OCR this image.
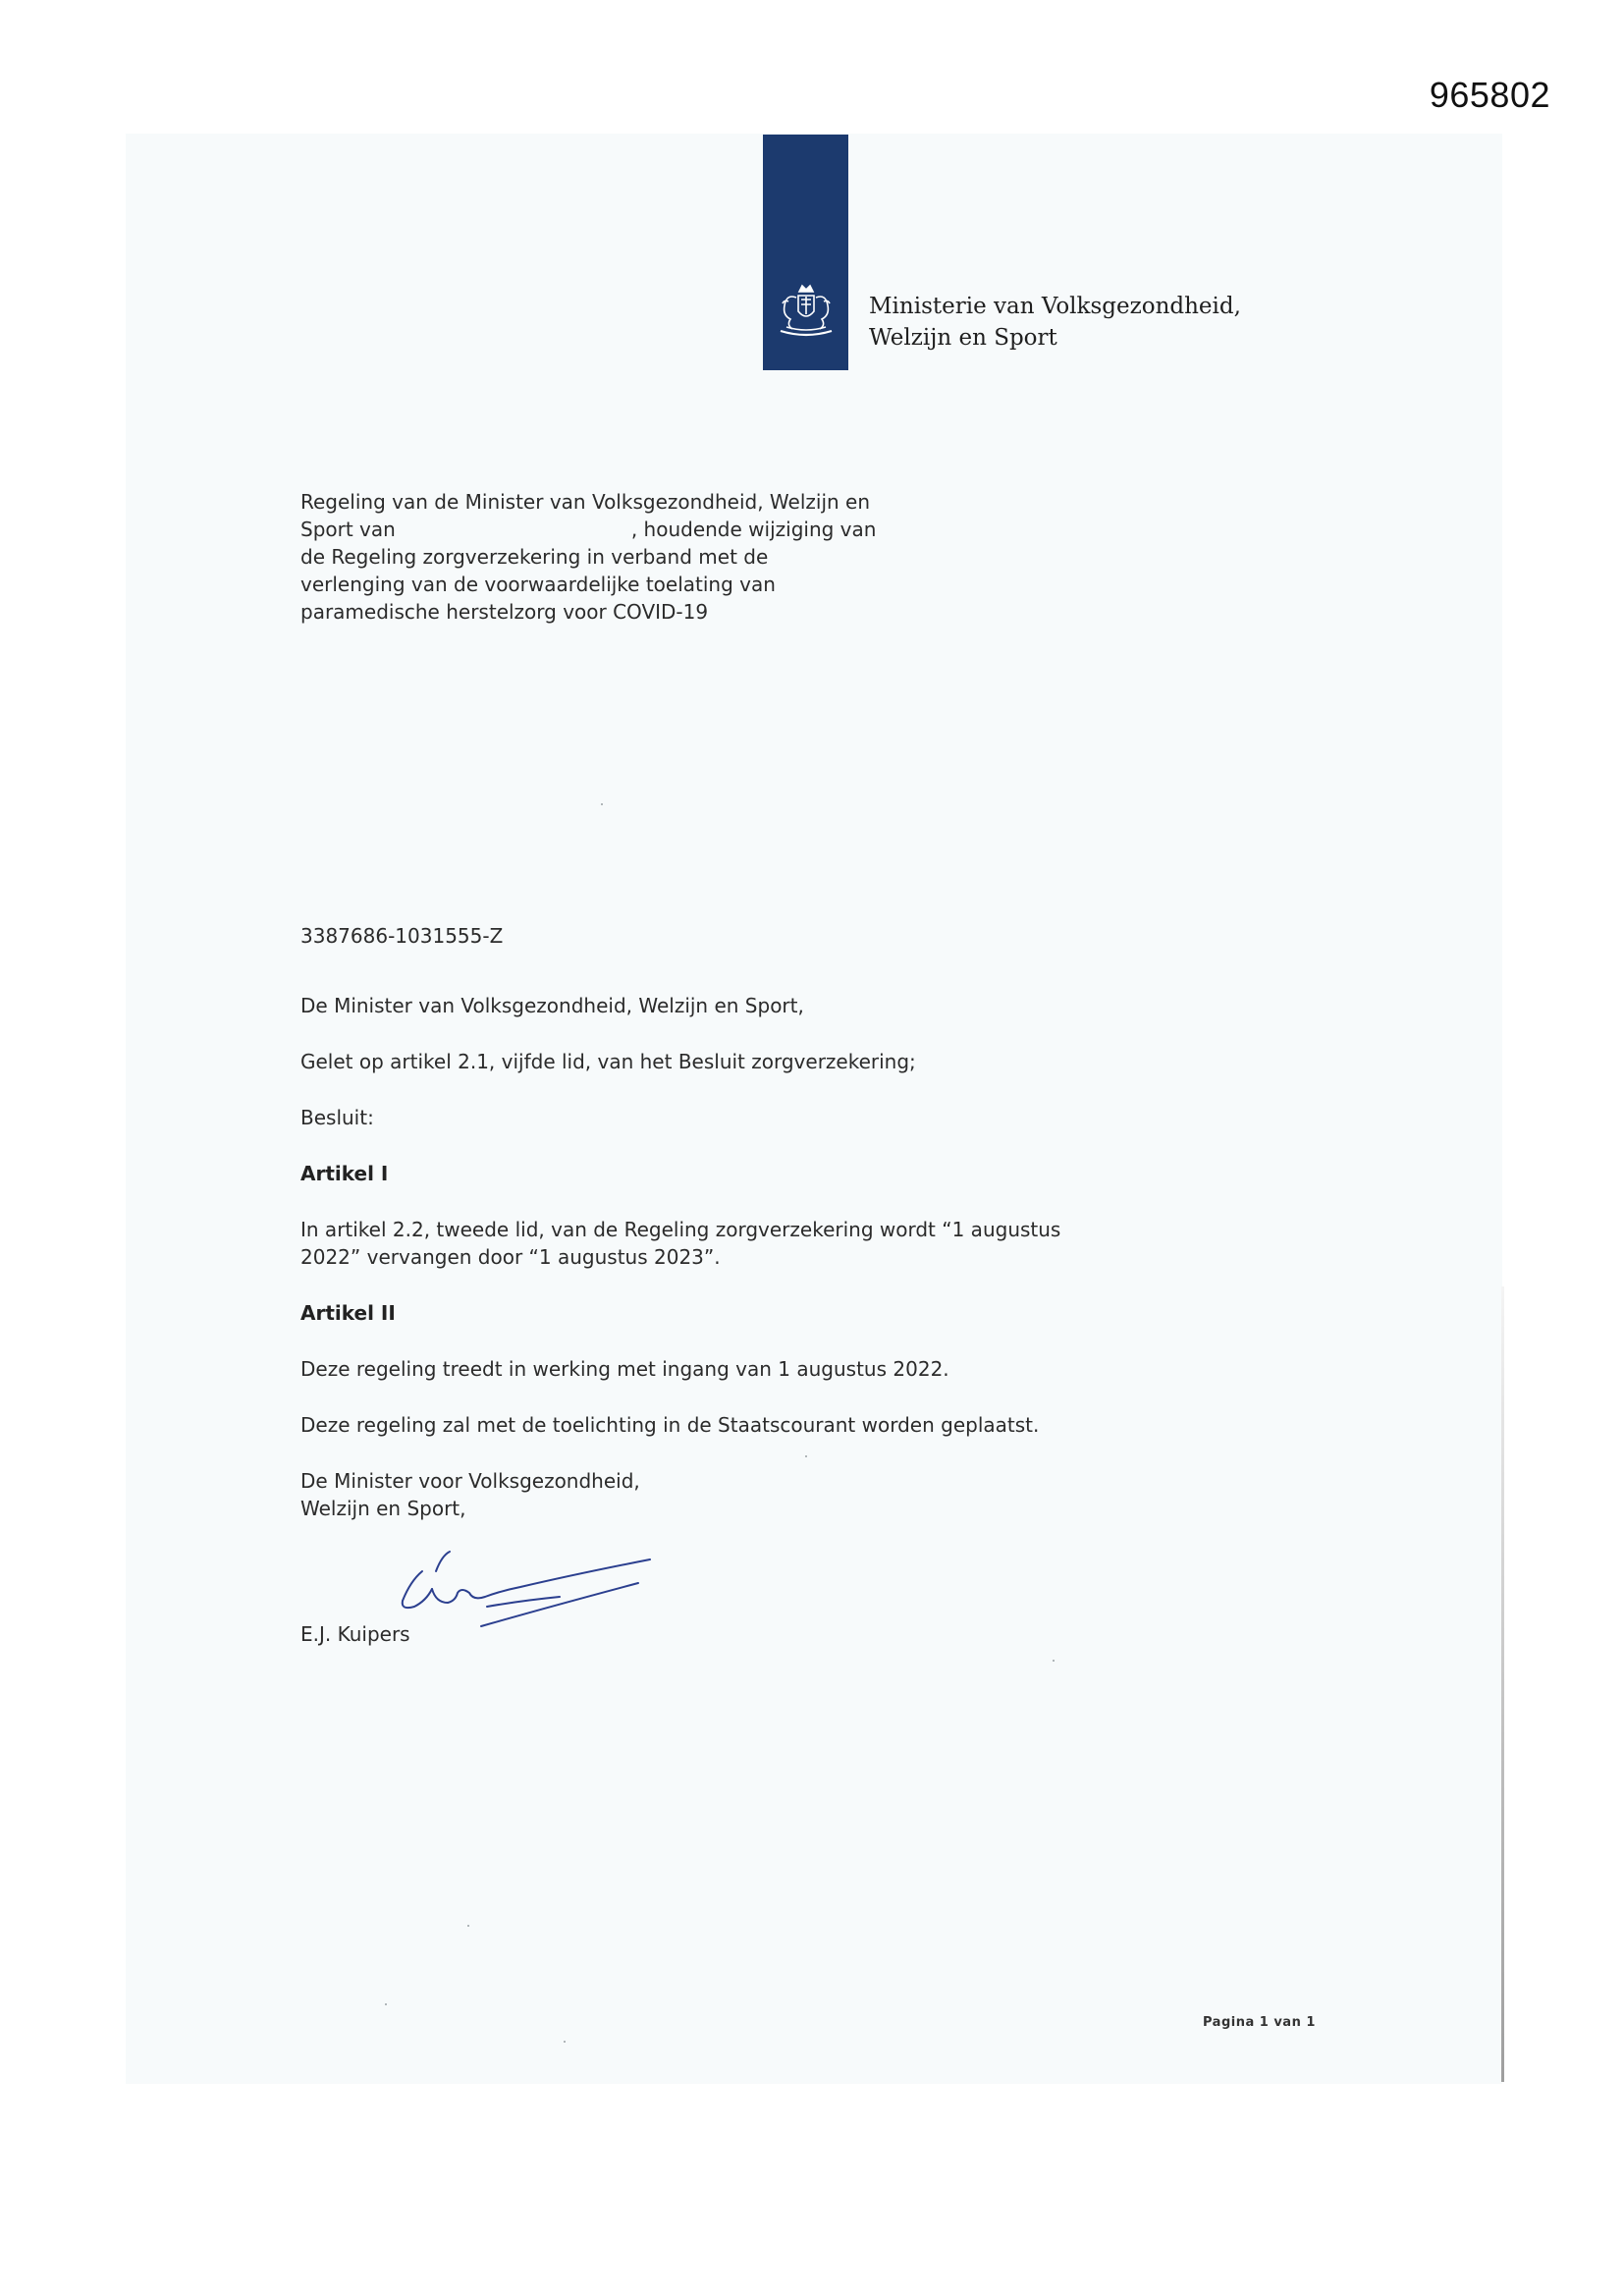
965802
Ministerie van Volksgezondheid,
Welzijn en Sport
Regeling van de Minister van Volksgezondheid, Welzijn en
Sport van	, houdende wijziging van
de Regeling zorgverzekering in verband met de
verlenging van de voorwaardelijke toelating van
paramedische herstelzorg voor COVID-19
3387686-1031555-Z
De Minister van Volksgezondheid, Welzijn en Sport,
Gelet op artikel 2.1, vijfde lid, van het Besluit zorgverzekering;
Besluit:
Artikel I
In artikel 2.2, tweede lid, van de Regeling zorgverzekering wordt “1 augustus
2022” vervangen door “1 augustus 2023”.
Artikel II
Deze regeling treedt in werking met ingang van 1 augustus 2022.
Deze regeling zal met de toelichting in de Staatscourant worden geplaatst.
De Minister voor Volksgezondheid,
Welzijn en Sport,
E.J. Kuipers
Pagina 1 van 1
